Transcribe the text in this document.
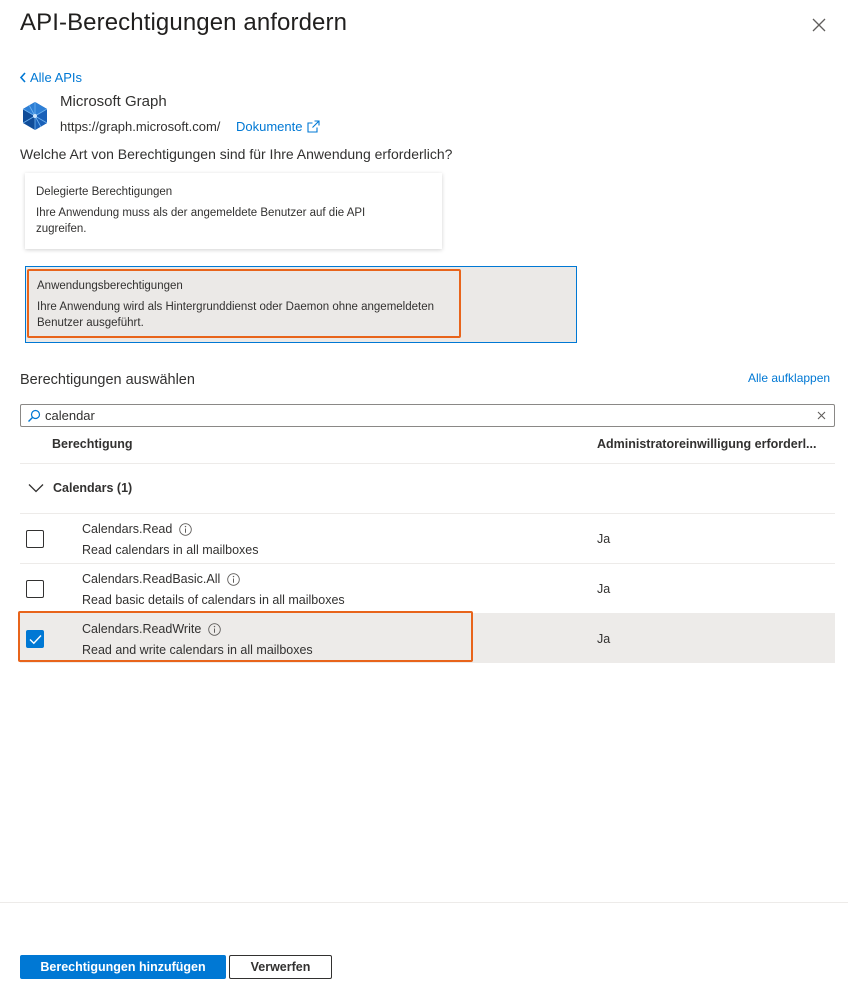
API-Berechtigungen anfordern
Alle APIs
Microsoft Graph
https://graph.microsoft.com/ Dokumente
Welche Art von Berechtigungen sind für Ihre Anwendung erforderlich?
Delegierte Berechtigungen
Ihre Anwendung muss als der angemeldete Benutzer auf die API zugreifen.
Anwendungsberechtigungen
Ihre Anwendung wird als Hintergrunddienst oder Daemon ohne angemeldeten Benutzer ausgeführt.
Berechtigungen auswählen	Alle aufklappen
calendar
Berechtigung	Administratoreinwilligung erforderl...
Calendars (1)
Calendars.Read
Read calendars in all mailboxes
Ja
Calendars.ReadBasic.All
Read basic details of calendars in all mailboxes
Ja
Calendars.ReadWrite
Read and write calendars in all mailboxes
Ja
Berechtigungen hinzufügen	Verwerfen
